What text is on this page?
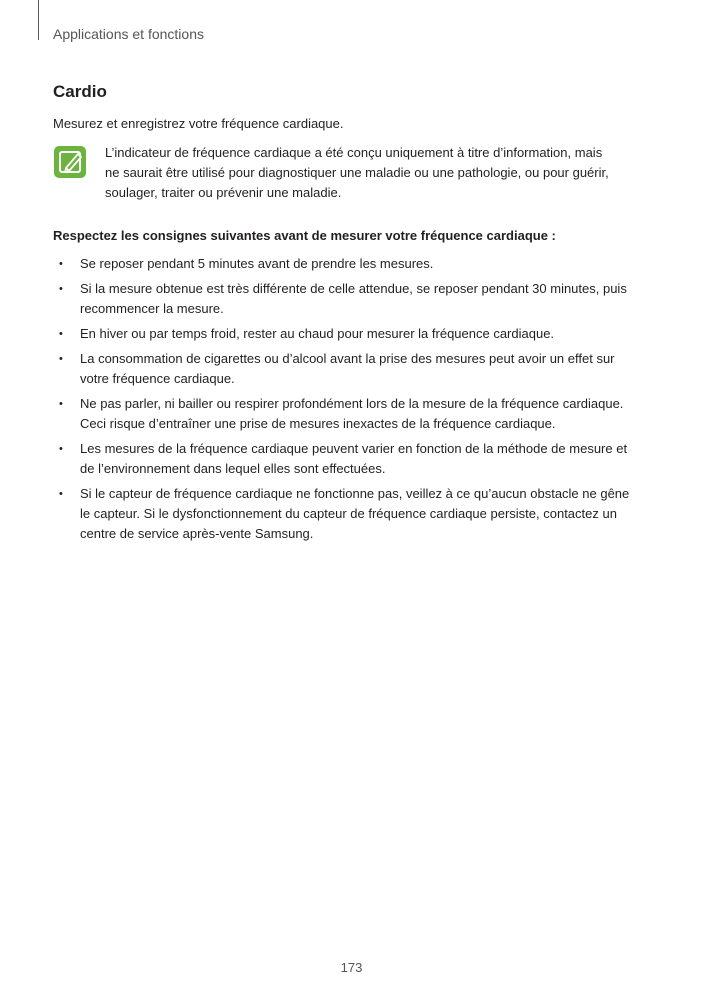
Applications et fonctions
Cardio
Mesurez et enregistrez votre fréquence cardiaque.
L’indicateur de fréquence cardiaque a été conçu uniquement à titre d’information, mais
ne saurait être utilisé pour diagnostiquer une maladie ou une pathologie, ou pour guérir,
soulager, traiter ou prévenir une maladie.
Respectez les consignes suivantes avant de mesurer votre fréquence cardiaque :
• Se reposer pendant 5 minutes avant de prendre les mesures.
• Si la mesure obtenue est très différente de celle attendue, se reposer pendant 30 minutes, puis
recommencer la mesure.
• En hiver ou par temps froid, rester au chaud pour mesurer la fréquence cardiaque.
• La consommation de cigarettes ou d’alcool avant la prise des mesures peut avoir un effet sur
votre fréquence cardiaque.
• Ne pas parler, ni bailler ou respirer profondément lors de la mesure de la fréquence cardiaque.
Ceci risque d’entraîner une prise de mesures inexactes de la fréquence cardiaque.
• Les mesures de la fréquence cardiaque peuvent varier en fonction de la méthode de mesure et
de l’environnement dans lequel elles sont effectuées.
• Si le capteur de fréquence cardiaque ne fonctionne pas, veillez à ce qu’aucun obstacle ne gêne
le capteur. Si le dysfonctionnement du capteur de fréquence cardiaque persiste, contactez un
centre de service après-vente Samsung.
173
